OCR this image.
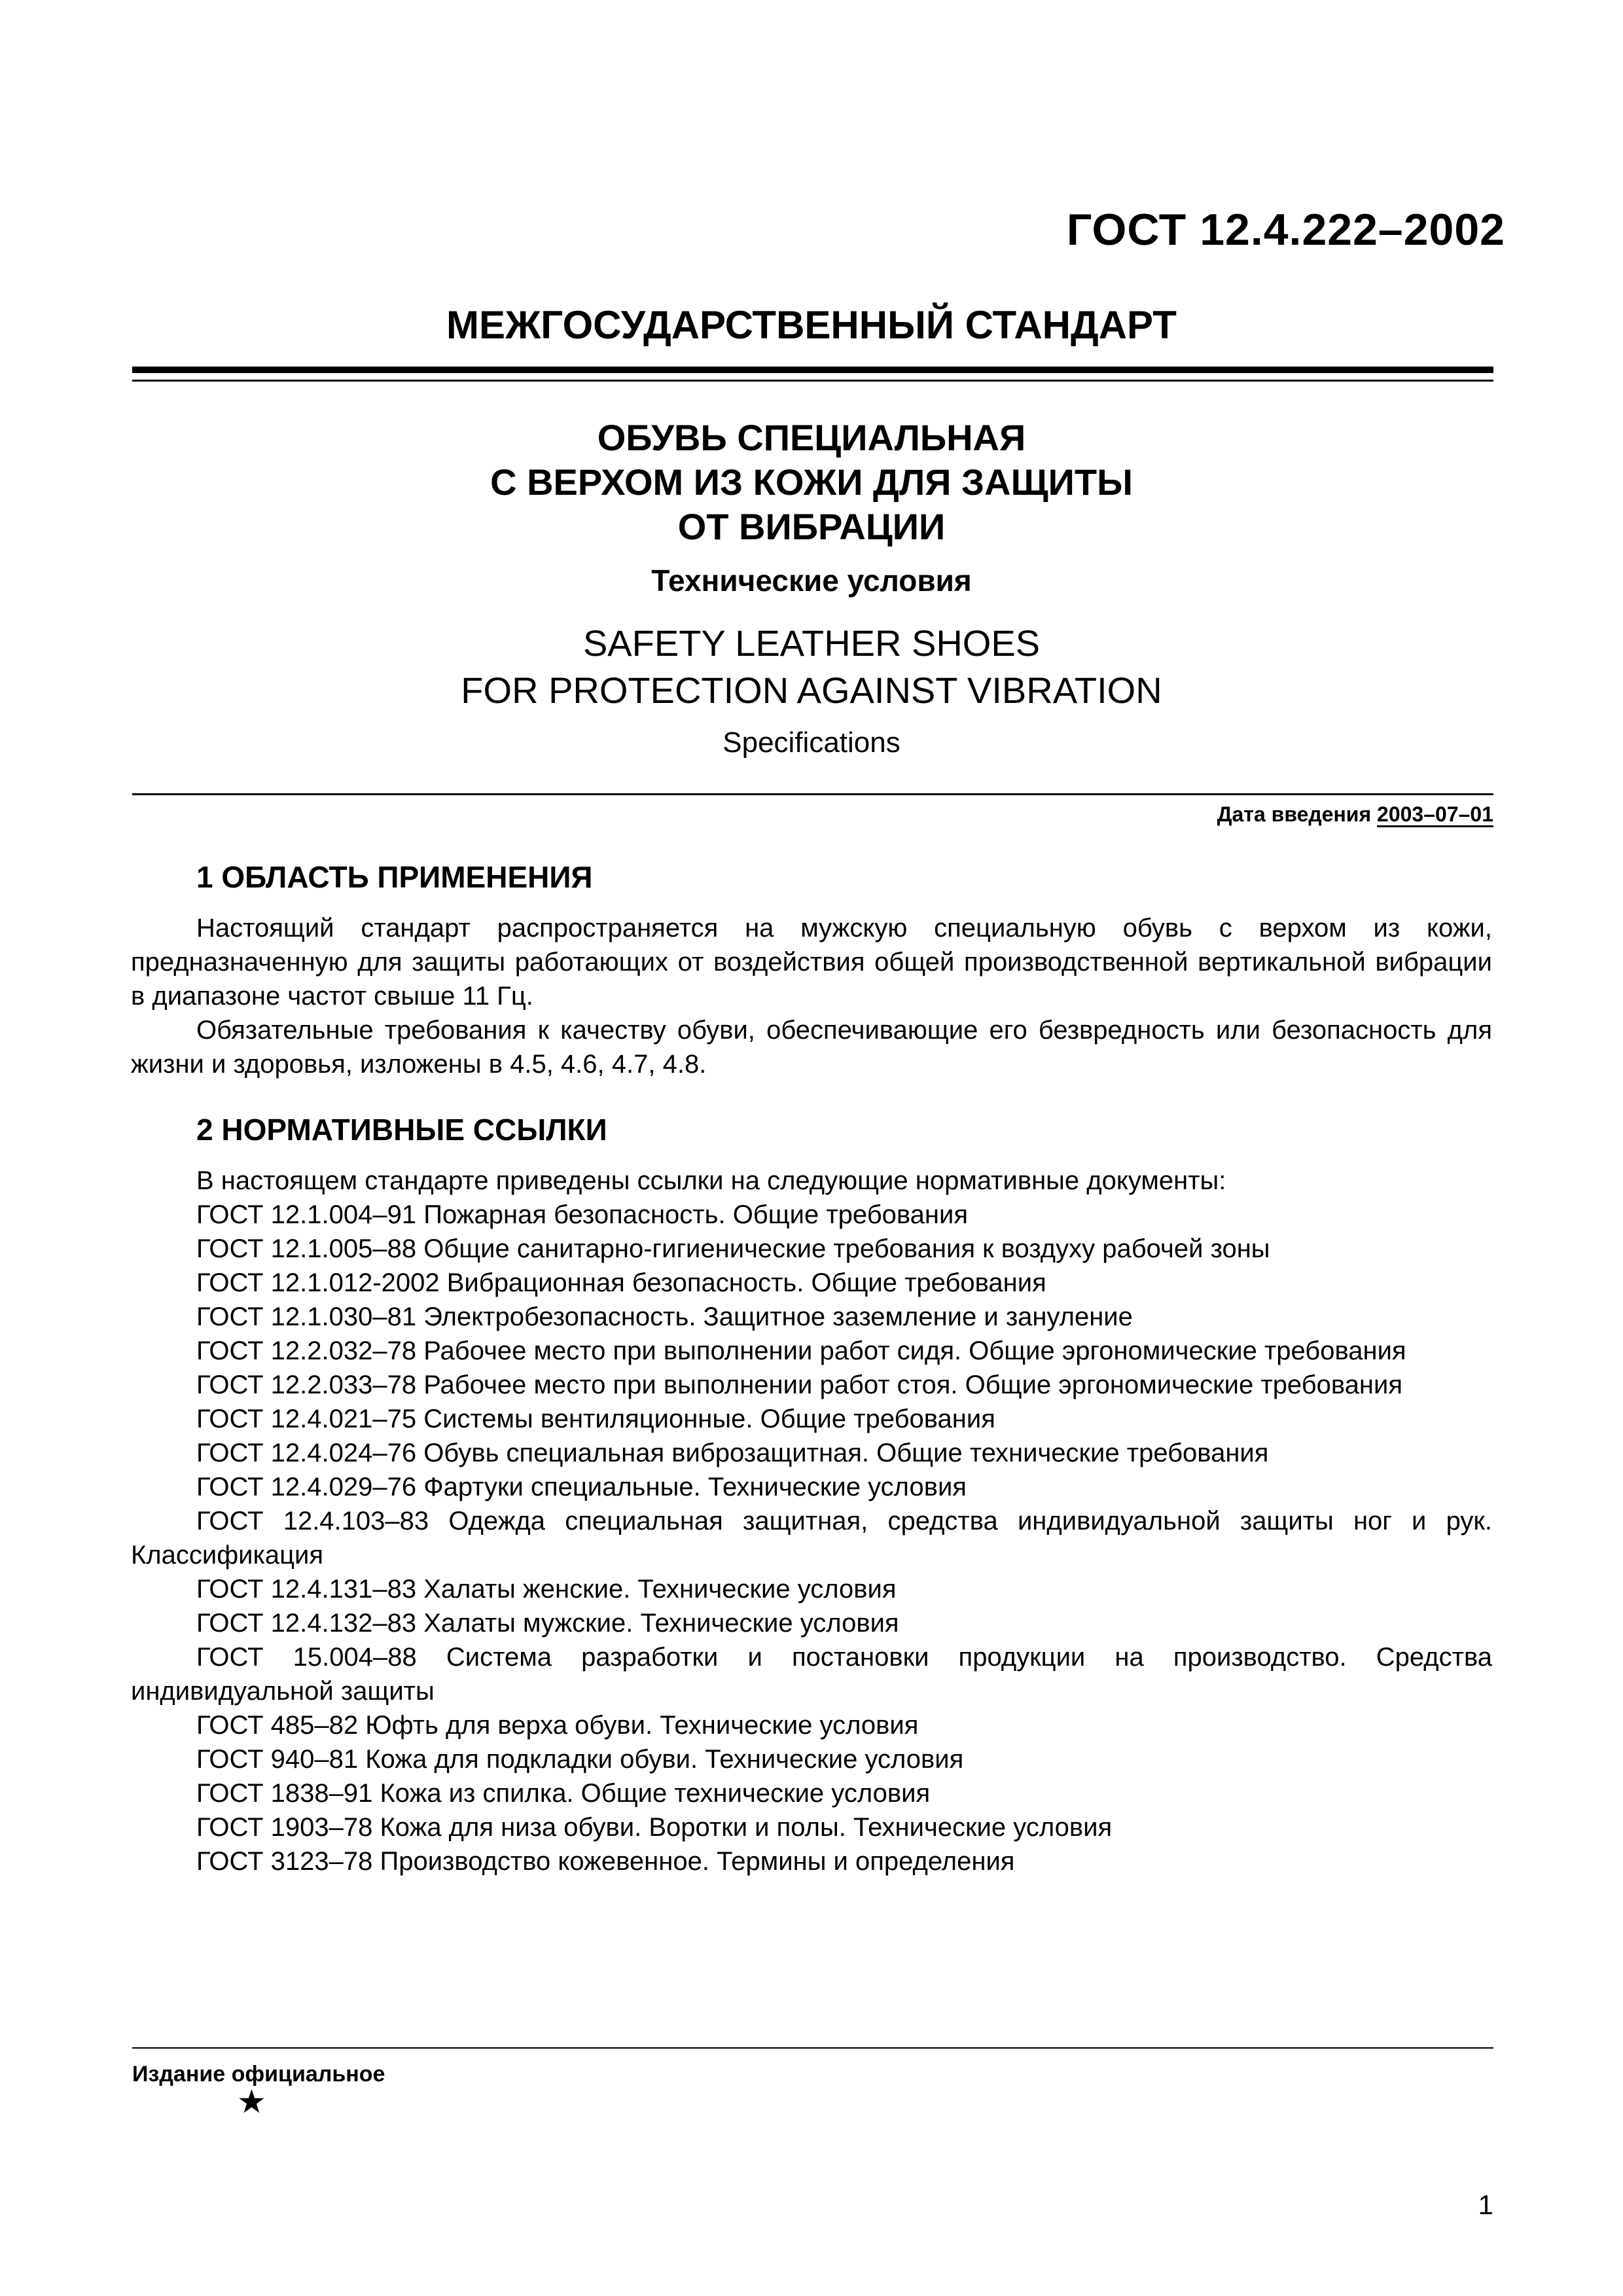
ГОСТ 12.4.222–2002
МЕЖГОСУДАРСТВЕННЫЙ СТАНДАРТ
ОБУВЬ СПЕЦИАЛЬНАЯ
С ВЕРХОМ ИЗ КОЖИ ДЛЯ ЗАЩИТЫ
ОТ ВИБРАЦИИ
Технические условия
SAFETY LEATHER SHOES
FOR PROTECTION AGAINST VIBRATION
Specifications
Дата введения 2003–07–01
1 ОБЛАСТЬ ПРИМЕНЕНИЯ

Настоящий стандарт распространяется на мужскую специальную обувь с верхом из кожи, предназначенную для защиты работающих от воздействия общей производственной вертикальной вибрации в диапазоне частот свыше 11 Гц.

Обязательные требования к качеству обуви, обеспечивающие его безвредность или безопасность для жизни и здоровья, изложены в 4.5, 4.6, 4.7, 4.8.

2 НОРМАТИВНЫЕ ССЫЛКИ

В настоящем стандарте приведены ссылки на следующие нормативные документы:

ГОСТ 12.1.004–91 Пожарная безопасность. Общие требования
ГОСТ 12.1.005–88 Общие санитарно-гигиенические требования к воздуху рабочей зоны
ГОСТ 12.1.012-2002 Вибрационная безопасность. Общие требования
ГОСТ 12.1.030–81 Электробезопасность. Защитное заземление и зануление
ГОСТ 12.2.032–78 Рабочее место при выполнении работ сидя. Общие эргономические требования
ГОСТ 12.2.033–78 Рабочее место при выполнении работ стоя. Общие эргономические требования
ГОСТ 12.4.021–75 Системы вентиляционные. Общие требования
ГОСТ 12.4.024–76 Обувь специальная виброзащитная. Общие технические требования
ГОСТ 12.4.029–76 Фартуки специальные. Технические условия
ГОСТ 12.4.103–83 Одежда специальная защитная, средства индивидуальной защиты ног и рук. Классификация
ГОСТ 12.4.131–83 Халаты женские. Технические условия
ГОСТ 12.4.132–83 Халаты мужские. Технические условия
ГОСТ 15.004–88 Система разработки и постановки продукции на производство. Средства индивидуальной защиты
ГОСТ 485–82 Юфть для верха обуви. Технические условия
ГОСТ 940–81 Кожа для подкладки обуви. Технические условия
ГОСТ 1838–91 Кожа из спилка. Общие технические условия
ГОСТ 1903–78 Кожа для низа обуви. Воротки и полы. Технические условия
ГОСТ 3123–78 Производство кожевенное. Термины и определения
Издание официальное
★
1
